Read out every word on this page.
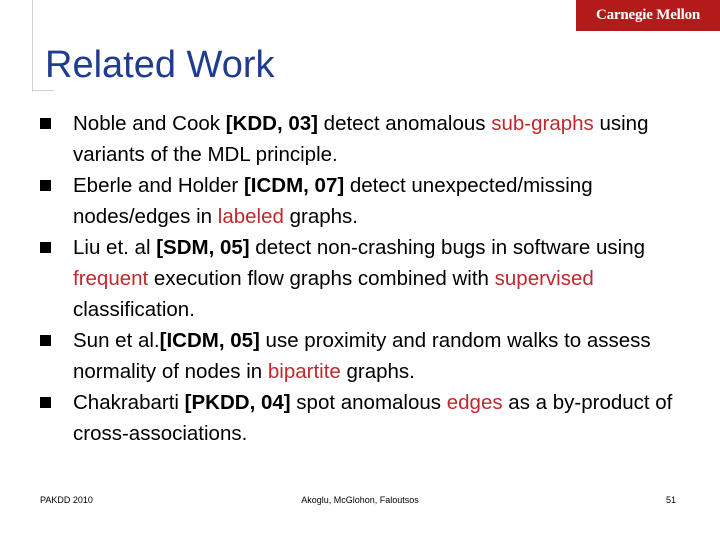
Carnegie Mellon
Related Work
Noble and Cook [KDD, 03] detect anomalous sub-graphs using variants of the MDL principle.
Eberle and Holder [ICDM, 07] detect unexpected/missing nodes/edges in labeled graphs.
Liu et. al [SDM, 05] detect non-crashing bugs in software using frequent execution flow graphs combined with supervised classification.
Sun et al.[ICDM, 05] use proximity and random walks to assess normality of nodes in bipartite graphs.
Chakrabarti [PKDD, 04] spot anomalous edges as a by-product of cross-associations.
PAKDD 2010	Akoglu, McGlohon, Faloutsos	51
